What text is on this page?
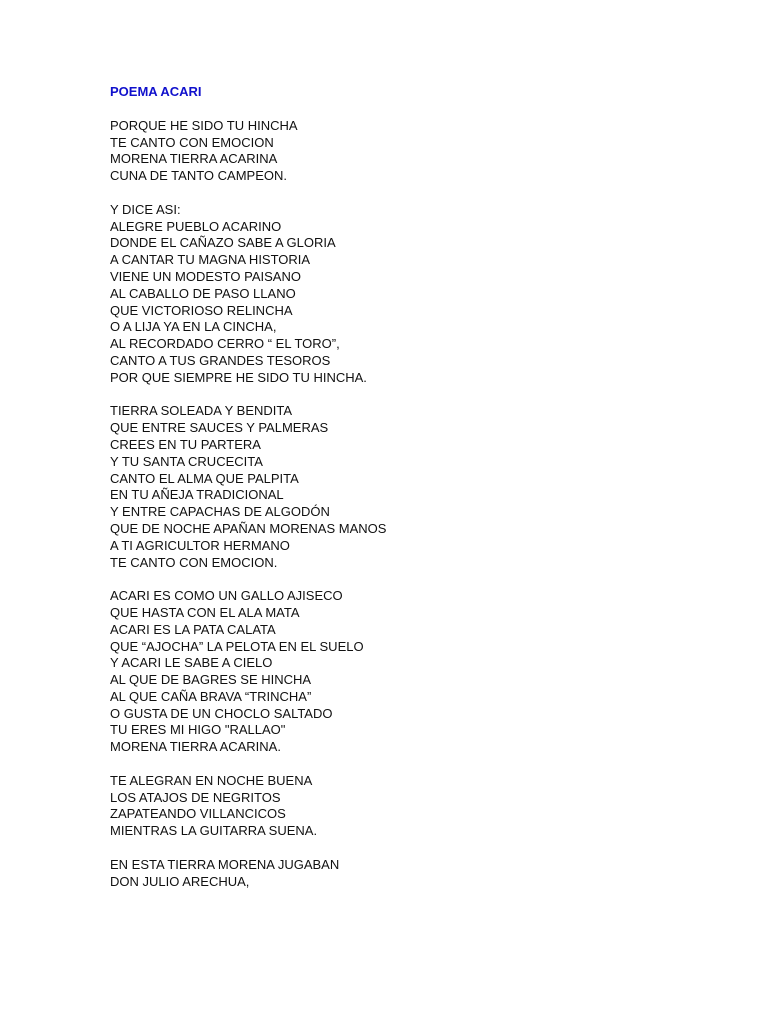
POEMA ACARI
PORQUE HE SIDO TU HINCHA
TE CANTO CON EMOCION
MORENA TIERRA ACARINA
CUNA DE TANTO CAMPEON.
Y DICE ASI:
ALEGRE PUEBLO ACARINO
DONDE EL CAÑAZO SABE A GLORIA
A CANTAR TU MAGNA HISTORIA
VIENE UN MODESTO PAISANO
AL CABALLO DE PASO LLANO
QUE VICTORIOSO RELINCHA
O A LIJA YA EN LA CINCHA,
AL RECORDADO CERRO “ EL TORO”,
CANTO A TUS GRANDES TESOROS
POR QUE SIEMPRE HE SIDO TU HINCHA.
TIERRA SOLEADA Y BENDITA
QUE ENTRE SAUCES Y PALMERAS
CREES EN TU PARTERA
Y TU SANTA CRUCECITA
CANTO EL ALMA QUE PALPITA
EN TU AÑEJA TRADICIONAL
Y ENTRE CAPACHAS DE ALGODÓN
QUE DE NOCHE APAÑAN MORENAS MANOS
A TI AGRICULTOR HERMANO
TE CANTO CON EMOCION.
ACARI ES COMO UN GALLO AJISECO
QUE HASTA CON EL ALA MATA
ACARI ES LA PATA CALATA
QUE “AJOCHA” LA PELOTA EN EL SUELO
Y ACARI LE SABE A CIELO
AL QUE DE BAGRES SE HINCHA
AL QUE CAÑA BRAVA “TRINCHA”
O GUSTA DE UN CHOCLO SALTADO
TU ERES MI HIGO "RALLAO"
MORENA TIERRA ACARINA.
TE ALEGRAN EN NOCHE BUENA
LOS ATAJOS DE NEGRITOS
ZAPATEANDO VILLANCICOS
MIENTRAS LA GUITARRA SUENA.
EN ESTA TIERRA MORENA JUGABAN
DON JULIO ARECHUA,
